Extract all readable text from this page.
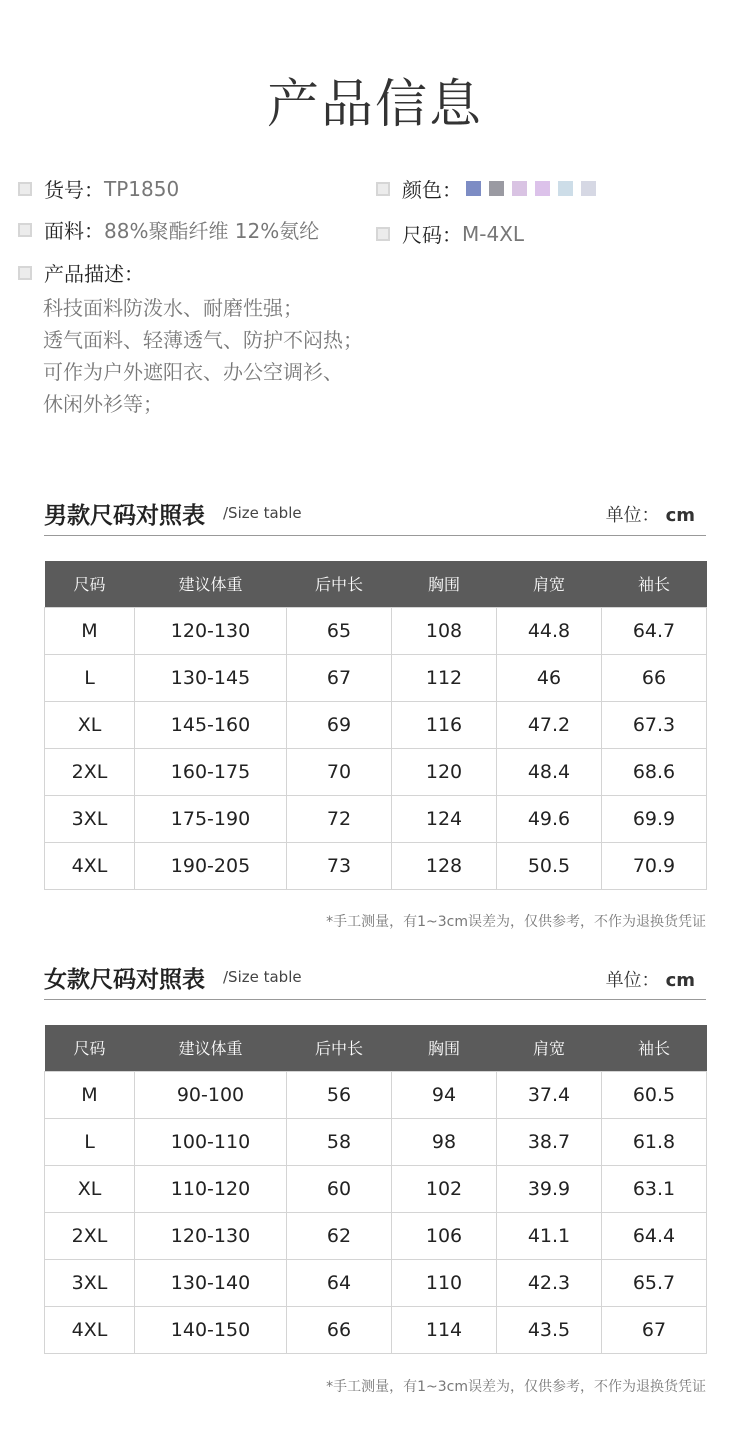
产品信息
货号： TP1850
面料： 88%聚酯纤维 12%氨纶
颜色：
尺码： M-4XL
产品描述：
科技面料防泼水、耐磨性强；
透气面料、轻薄透气、防护不闷热；
可作为户外遮阳衣、办公空调衫、
休闲外衫等；
男款尺码对照表 /Size table	单位： cm
尺码	建议体重	后中长	胸围	肩宽	袖长
M	120-130	65	108	44.8	64.7
L	130-145	67	112	46	66
XL	145-160	69	116	47.2	67.3
2XL	160-175	70	120	48.4	68.6
3XL	175-190	72	124	49.6	69.9
4XL	190-205	73	128	50.5	70.9
*手工测量，有1~3cm误差为，仅供参考，不作为退换货凭证
女款尺码对照表 /Size table	单位： cm
尺码	建议体重	后中长	胸围	肩宽	袖长
M	90-100	56	94	37.4	60.5
L	100-110	58	98	38.7	61.8
XL	110-120	60	102	39.9	63.1
2XL	120-130	62	106	41.1	64.4
3XL	130-140	64	110	42.3	65.7
4XL	140-150	66	114	43.5	67
*手工测量，有1~3cm误差为，仅供参考，不作为退换货凭证
